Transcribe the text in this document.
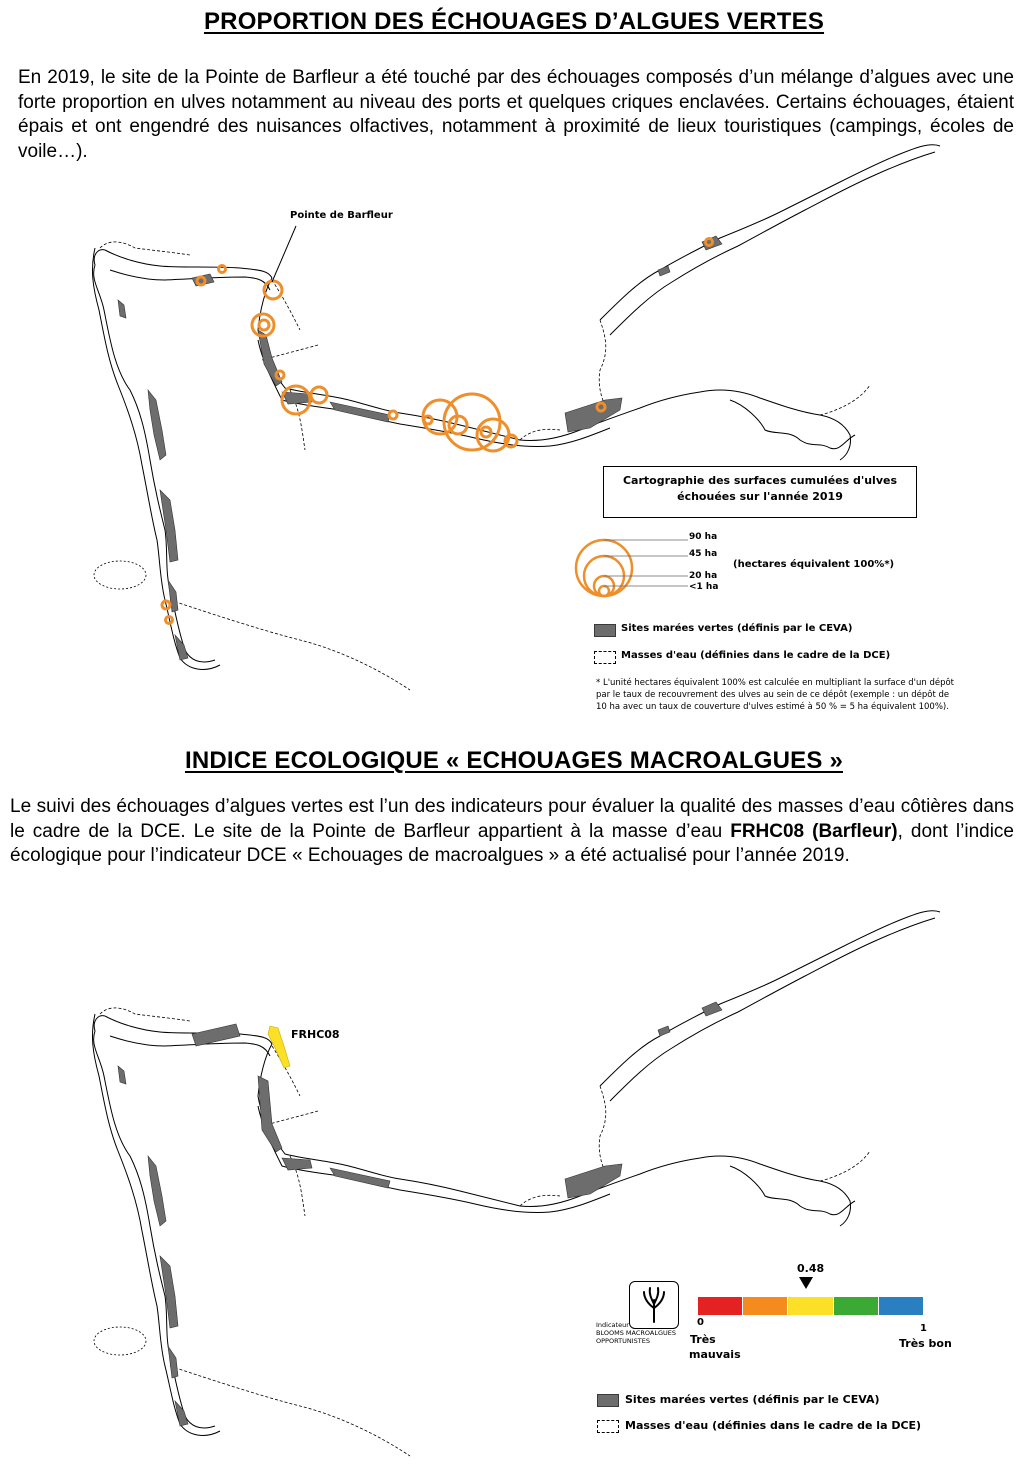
PROPORTION DES ÉCHOUAGES D’ALGUES VERTES
En 2019, le site de la Pointe de Barfleur a été touché par des échouages composés d’un mélange d’algues avec une forte proportion en ulves notamment au niveau des ports et quelques criques enclavées. Certains échouages, étaient épais et ont engendré des nuisances olfactives, notamment à proximité de lieux touristiques (campings, écoles de voile…).
Pointe de Barfleur
Cartographie des surfaces cumulées d'ulves échouées sur l'année 2019
90 ha
45 ha
20 ha
<1 ha
(hectares équivalent 100%*)
Sites marées vertes (définis par le CEVA)
Masses d'eau (définies dans le cadre de la DCE)
* L'unité hectares équivalent 100% est calculée en multipliant la surface d'un dépôt
par le taux de recouvrement des ulves au sein de ce dépôt (exemple : un dépôt de
10 ha avec un taux de couverture d'ulves estimé à 50 % = 5 ha équivalent 100%).
INDICE ECOLOGIQUE « ECHOUAGES MACROALGUES »
Le suivi des échouages d’algues vertes est l’un des indicateurs pour évaluer la qualité des masses d’eau côtières dans le cadre de la DCE. Le site de la Pointe de Barfleur appartient à la masse d’eau FRHC08 (Barfleur), dont l’indice écologique pour l’indicateur DCE « Echouages de macroalgues » a été actualisé pour l’année 2019.
FRHC08
Indicateur
BLOOMS MACROALGUES
OPPORTUNISTES
0.48
0
1
Très
mauvais
Très bon
Sites marées vertes (définis par le CEVA)
Masses d'eau (définies dans le cadre de la DCE)
